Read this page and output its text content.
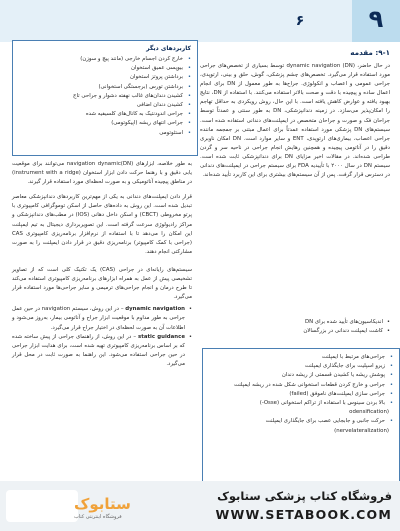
۹
۶
۹-۱: مقدمه

در حال حاضر، dynamic navigation (DN) توسط بسیاری از تخصص‌های جراحی مورد استفاده قرار می‌گیرد. تخصص‌های چشم پزشکی، گوش، حلق و بینی، ارتوپدی، جراحی عمومی و اعصاب و انکولوژی. جراح‌ها به طور معمول از DN برای انجام اعمال ساده و پیچیده با دقت و صحت بالاتر استفاده می‌کنند. با استفاده از DN، نتایج بهبود یافته و عوارض کاهش یافته است. با این حال، روش رویکردی به حداقل تهاجم را امکان‌پذیر می‌سازد. در زمینه دندانپزشکی، DN به طور سنتی و عمدتاً توسط جراحان فک و صورت و جراحان متخصص در ایمپلنت‌های دندانی استفاده شده است. سیستم‌های DN پزشکی مورد استفاده عمدتاً برای اعمال مبتنی بر جمجمه ماننده جراحی اعصاب، بیماری‌های ارتوپدی، ENT و سایر موارد است. DN امکان ناوبری دقیق را در آناتومی پیچیده و همچنین رهایش انجام جراحی در ناحیه سر و گردن طراحی شده‌اند. در مقالات اخیر مزایای DN برای دندانپزشکی ثابت شده است. سیستم DN در سال ۲۰۰۰ با تأییدیه FDA برای سیستم جراحی در ایمپلنت‌های دندانی در دسترس قرار گرفت. پس از آن سیستم‌های بیشتری برای این کاربرد تأیید شده‌اند.

• اندیکاسیون‌های تأیید شده برای DN
• کاشت ایمپلنت دندانی در بزرگسالان
• جراحی‌های مرتبط با ایمپلنت
• زیرو اسپلیت برای جایگذاری ایمپلنت
• پوشش ریشه یا کشیدن قسمتی از ریشه دندان
• جراحی و خارج کردن قطعات استخوانی شکل شده در ریشه ایمپلنت
• جراحی سازی ایمپلنت‌های ناموفق (failed)
• بالا بردن سینوس با استفاده از تراکم استخوانی (Osse-)
(odensification
• حرکت جانبی و جابجایی عصب برای جایگذاری ایمپلنت
(nervelateralization)
کاربردهای دیگر
• خارج کردن اجسام خارجی (مانند پیچ و سوزن)
• بیوپسی عمیق استخوان
• برداشتن پروتز استخوان
• برداشتن تورس (برجستگی استخوانی)
• کشیدن دندان‌های غالب نهفته دشوار و جراحی تاج
• کشیدن دندان اضافی
• جراحی اندودنتیک به کانال‌های کلسیفیه شده
• جراحی انتهای ریشه (اپیکوتومی)
• استئوتومی

به طور خلاصه، ابزارهای navigation dynamic(DN) می‌توانند برای موقعیت یابی دقیق و با رهنما حرکت دادن ابزار استخوان (instrument with a ridge) در مناطق پیچیده آناتومیکی و به صورت لحظه‌ای مورد استفاده قرار گیرند.

قرار دادن ایمپلنت‌های دندانی به یکی از مهم‌ترین کاربردهای دندانپزشکی معاصر تبدیل شده است. این روش به داده‌های حاصل از اسکن توموگرافی کامپیوتری با پرتو مخروطی (CBCT) و اسکن داخل دهانی (IOS) در مطب‌های دندانپزشکی و مراکز رادیولوژی سرعت گرفته است. این تصویربرداری دیجیتال به تیم ایمپلنت این امکان را می‌دهد تا با استفاده از نرم‌افزار برنامه‌ریزی کامپیوتری CAS (جراحی با کمک کامپیوتر) برنامه‌ریزی دقیق در قرار دادن ایمپلنت را به صورت مشارکتی انجام دهند.

سیستم‌های رایانه‌ای در جراحی (CAS) یک تکنیک کلی است که از تصاویر تشخیصی پیش از عمل به همراه ابزارهای برنامه‌ریزی کامپیوتری استفاده می‌کند تا طرح درمان و انجام جراحی‌های ترمیمی و سایر جراحی‌ها مورد استفاده قرار می‌گیرد.

• dynamic navigation – در این روش، سیستم navigation در حین عمل جراحی به طور مداوم با موقعیت ابزار جراح و آناتومی بیمار، به‌روز می‌شود و اطلاعات آن به صورت لحظه‌ای در اختیار جراح قرار می‌گیرد.
• static guidance – در این روش، از راهنمای جراحی از پیش ساخته شده که بر اساس برنامه‌ریزی کامپیوتری تهیه شده است، برای هدایت ابزار جراحی در حین جراحی استفاده می‌شود. این راهنما به صورت ثابت در محل قرار می‌گیرد.
ستابوک
فروشگاه اینترنتی کتاب
فروشگاه کتاب پزشکی ستابوک
WWW.SETABOOK.COM
